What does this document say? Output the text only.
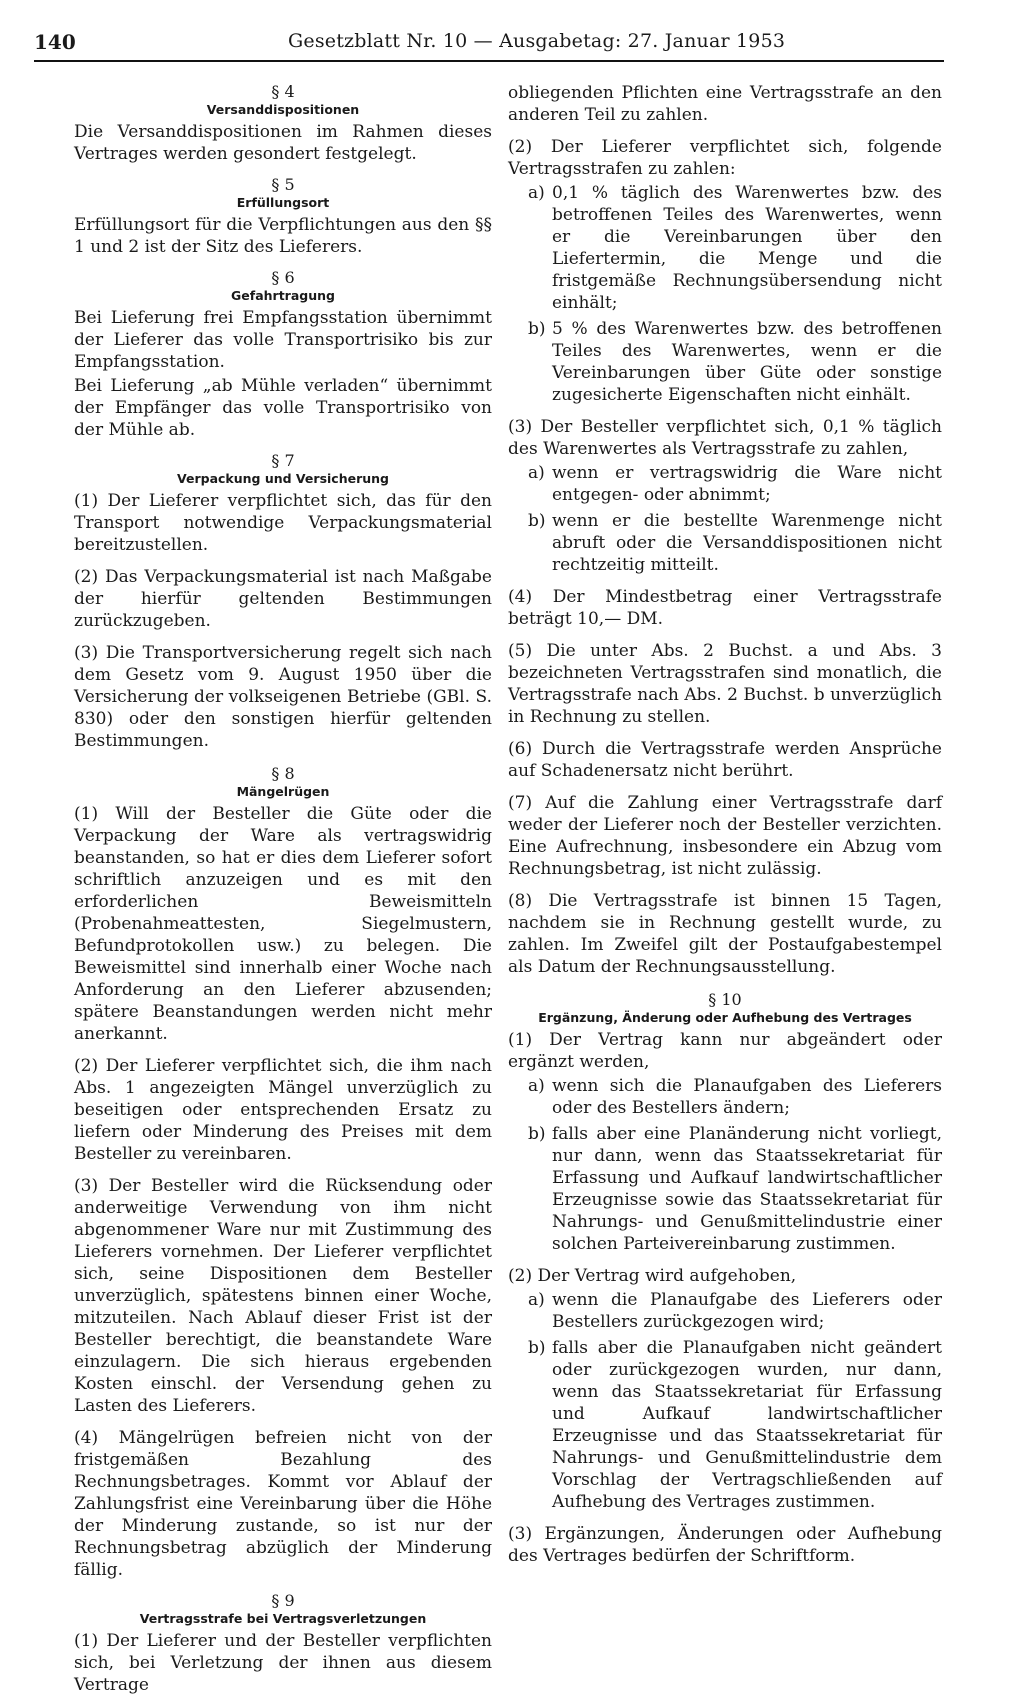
140	Gesetzblatt Nr. 10 — Ausgabetag: 27. Januar 1953

§ 4

Versanddispositionen

Die Versanddispositionen im Rahmen dieses Vertrages werden gesondert festgelegt.

§ 5

Erfüllungsort

Erfüllungsort für die Verpflichtungen aus den §§ 1 und 2 ist der Sitz des Lieferers.

§ 6

Gefahrtragung

Bei Lieferung frei Empfangsstation übernimmt der Lieferer das volle Transportrisiko bis zur Empfangsstation.

Bei Lieferung „ab Mühle verladen“ übernimmt der Empfänger das volle Transportrisiko von der Mühle ab.

§ 7

Verpackung und Versicherung

(1) Der Lieferer verpflichtet sich, das für den Transport notwendige Verpackungsmaterial bereitzustellen.

(2) Das Verpackungsmaterial ist nach Maßgabe der hierfür geltenden Bestimmungen zurückzugeben.

(3) Die Transportversicherung regelt sich nach dem Gesetz vom 9. August 1950 über die Versicherung der volkseigenen Betriebe (GBl. S. 830) oder den sonstigen hierfür geltenden Bestimmungen.

§ 8

Mängelrügen

(1) Will der Besteller die Güte oder die Verpackung der Ware als vertragswidrig beanstanden, so hat er dies dem Lieferer sofort schriftlich anzuzeigen und es mit den erforderlichen Beweismitteln (Probenahmeattesten, Siegelmustern, Befundprotokollen usw.) zu belegen. Die Beweismittel sind innerhalb einer Woche nach Anforderung an den Lieferer abzusenden; spätere Beanstandungen werden nicht mehr anerkannt.

(2) Der Lieferer verpflichtet sich, die ihm nach Abs. 1 angezeigten Mängel unverzüglich zu beseitigen oder entsprechenden Ersatz zu liefern oder Minderung des Preises mit dem Besteller zu vereinbaren.

(3) Der Besteller wird die Rücksendung oder anderweitige Verwendung von ihm nicht abgenommener Ware nur mit Zustimmung des Lieferers vornehmen. Der Lieferer verpflichtet sich, seine Dispositionen dem Besteller unverzüglich, spätestens binnen einer Woche, mitzuteilen. Nach Ablauf dieser Frist ist der Besteller berechtigt, die beanstandete Ware einzulagern. Die sich hieraus ergebenden Kosten einschl. der Versendung gehen zu Lasten des Lieferers.

(4) Mängelrügen befreien nicht von der fristgemäßen Bezahlung des Rechnungsbetrages. Kommt vor Ablauf der Zahlungsfrist eine Vereinbarung über die Höhe der Minderung zustande, so ist nur der Rechnungsbetrag abzüglich der Minderung fällig.

§ 9

Vertragsstrafe bei Vertragsverletzungen

(1) Der Lieferer und der Besteller verpflichten sich, bei Verletzung der ihnen aus diesem Vertrage

obliegenden Pflichten eine Vertragsstrafe an den anderen Teil zu zahlen.

(2) Der Lieferer verpflichtet sich, folgende Vertragsstrafen zu zahlen:

a) 0,1 % täglich des Warenwertes bzw. des betroffenen Teiles des Warenwertes, wenn er die Vereinbarungen über den Liefertermin, die Menge und die fristgemäße Rechnungsübersendung nicht einhält;
b) 5 % des Warenwertes bzw. des betroffenen Teiles des Warenwertes, wenn er die Vereinbarungen über Güte oder sonstige zugesicherte Eigenschaften nicht einhält.

(3) Der Besteller verpflichtet sich, 0,1 % täglich des Warenwertes als Vertragsstrafe zu zahlen,

a) wenn er vertragswidrig die Ware nicht entgegen- oder abnimmt;
b) wenn er die bestellte Warenmenge nicht abruft oder die Versanddispositionen nicht rechtzeitig mitteilt.

(4) Der Mindestbetrag einer Vertragsstrafe beträgt 10,— DM.

(5) Die unter Abs. 2 Buchst. a und Abs. 3 bezeichneten Vertragsstrafen sind monatlich, die Vertragsstrafe nach Abs. 2 Buchst. b unverzüglich in Rechnung zu stellen.

(6) Durch die Vertragsstrafe werden Ansprüche auf Schadenersatz nicht berührt.

(7) Auf die Zahlung einer Vertragsstrafe darf weder der Lieferer noch der Besteller verzichten. Eine Aufrechnung, insbesondere ein Abzug vom Rechnungsbetrag, ist nicht zulässig.

(8) Die Vertragsstrafe ist binnen 15 Tagen, nachdem sie in Rechnung gestellt wurde, zu zahlen. Im Zweifel gilt der Postaufgabestempel als Datum der Rechnungsausstellung.

§ 10

Ergänzung, Änderung oder Aufhebung des Vertrages

(1) Der Vertrag kann nur abgeändert oder ergänzt werden,

a) wenn sich die Planaufgaben des Lieferers oder des Bestellers ändern;
b) falls aber eine Planänderung nicht vorliegt, nur dann, wenn das Staatssekretariat für Erfassung und Aufkauf landwirtschaftlicher Erzeugnisse sowie das Staatssekretariat für Nahrungs- und Genußmittelindustrie einer solchen Parteivereinbarung zustimmen.

(2) Der Vertrag wird aufgehoben,

a) wenn die Planaufgabe des Lieferers oder Bestellers zurückgezogen wird;
b) falls aber die Planaufgaben nicht geändert oder zurückgezogen wurden, nur dann, wenn das Staatssekretariat für Erfassung und Aufkauf landwirtschaftlicher Erzeugnisse und das Staatssekretariat für Nahrungs- und Genußmittelindustrie dem Vorschlag der Vertragschließenden auf Aufhebung des Vertrages zustimmen.

(3) Ergänzungen, Änderungen oder Aufhebung des Vertrages bedürfen der Schriftform.
